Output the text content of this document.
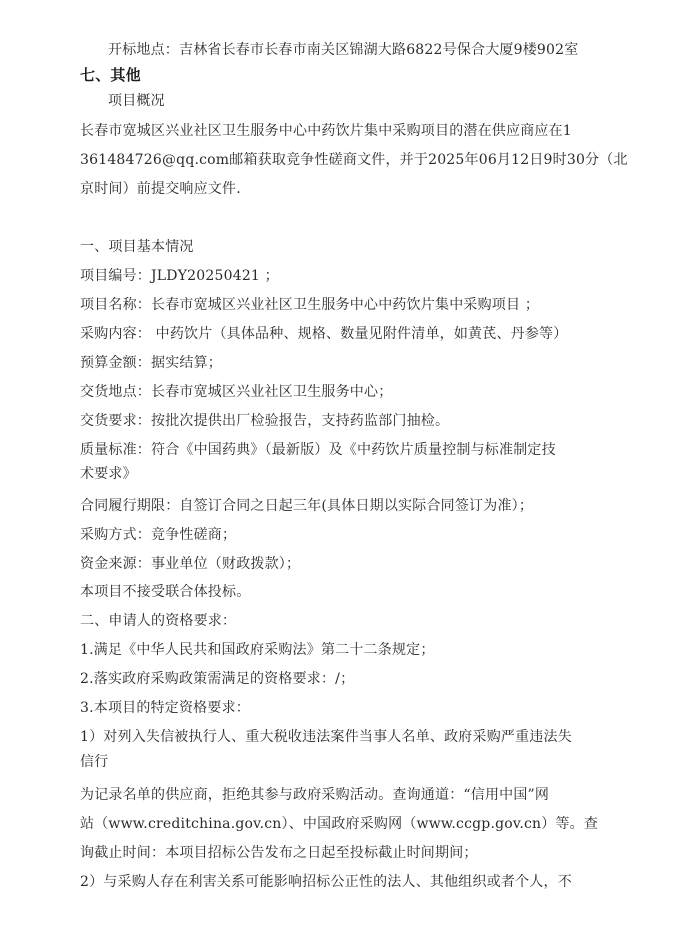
开标地点：吉林省长春市长春市南关区锦湖大路6822号保合大厦9楼902室
七、其他
项目概况
长春市宽城区兴业社区卫生服务中心中药饮片集中采购项目的潜在供应商应在1
361484726@qq.com邮箱获取竞争性磋商文件，并于2025年06月12日9时30分（北
京时间）前提交响应文件.
一、项目基本情况
项目编号：JLDY20250421 ；
项目名称：长春市宽城区兴业社区卫生服务中心中药饮片集中采购项目 ；
采购内容： 中药饮片（具体品种、规格、数量见附件清单，如黄芪、丹参等）
预算金额：据实结算；
交货地点：长春市宽城区兴业社区卫生服务中心；
交货要求：按批次提供出厂检验报告，支持药监部门抽检。
质量标准：符合《中国药典》（最新版）及《中药饮片质量控制与标准制定技
术要求》
合同履行期限：自签订合同之日起三年(具体日期以实际合同签订为准）；
采购方式：竞争性磋商；
资金来源：事业单位（财政拨款）；
本项目不接受联合体投标。
二、申请人的资格要求：
1.满足《中华人民共和国政府采购法》第二十二条规定；
2.落实政府采购政策需满足的资格要求：/；
3.本项目的特定资格要求：
1）对列入失信被执行人、重大税收违法案件当事人名单、政府采购严重违法失
信行
为记录名单的供应商，拒绝其参与政府采购活动。查询通道：“信用中国”网
站（www.creditchina.gov.cn）、中国政府采购网（www.ccgp.gov.cn）等。查
询截止时间：本项目招标公告发布之日起至投标截止时间期间；
2）与采购人存在利害关系可能影响招标公正性的法人、其他组织或者个人，不
